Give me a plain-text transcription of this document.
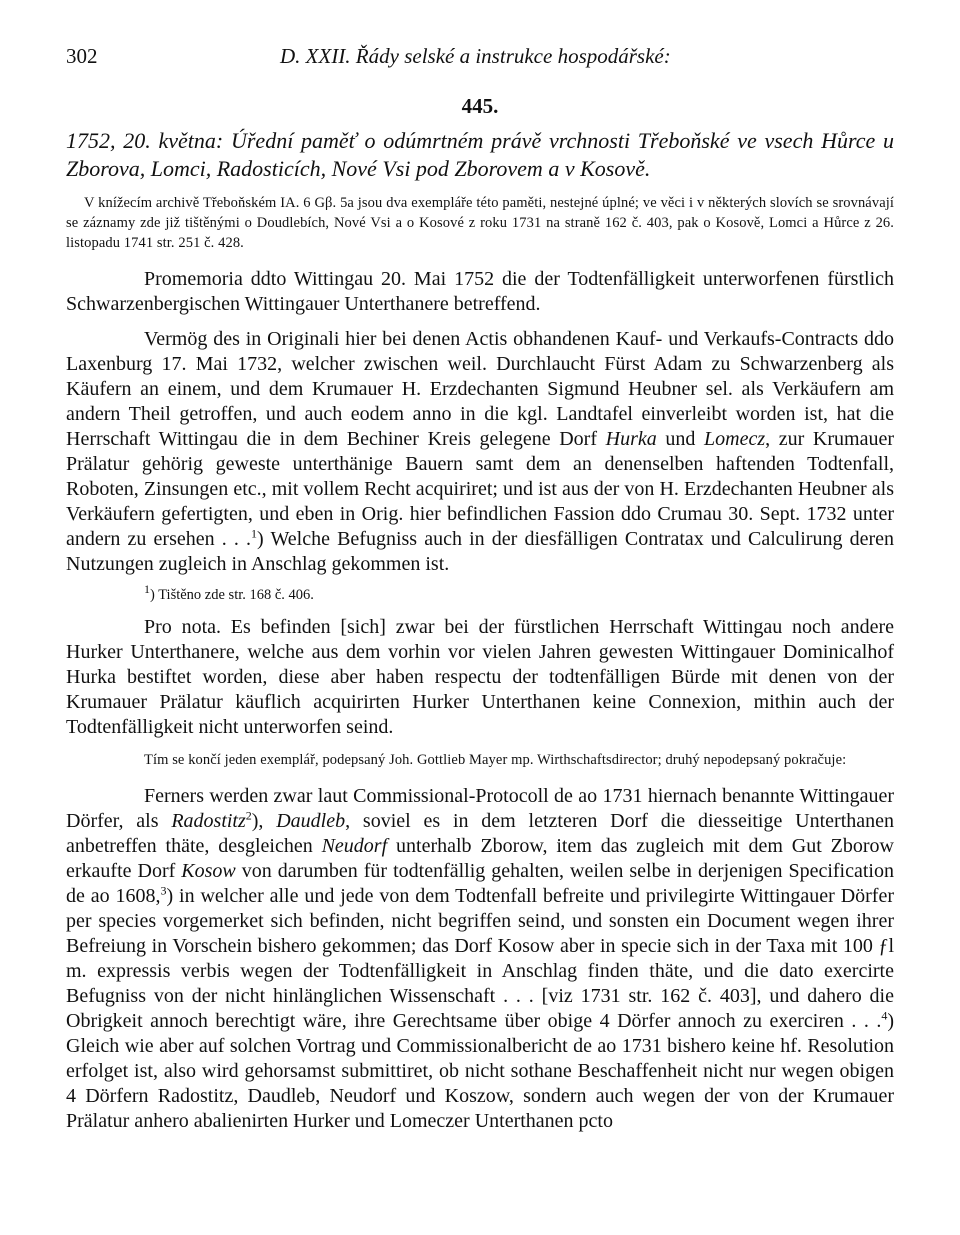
302	D. XXII. Řády selské a instrukce hospodářské:
445.

1752, 20. května: Úřední paměť o odúmrtném právě vrchnosti Třeboňské ve vsech Hůrce u Zborova, Lomci, Radosticích, Nové Vsi pod Zborovem a v Kosově.

V knížecím archivě Třeboňském IA. 6 Gβ. 5a jsou dva exempláře této paměti, nestejné úplné; ve věci i v některých slovích se srovnávají se záznamy zde již tištěnými o Doudlebích, Nové Vsi a o Kosové z roku 1731 na straně 162 č. 403, pak o Kosově, Lomci a Hůrce z 26. listopadu 1741 str. 251 č. 428.

Promemoria ddto Wittingau 20. Mai 1752 die der Todtenfälligkeit unterworfenen fürstlich Schwarzenbergischen Wittingauer Unterthanere betreffend.

Vermög des in Originali hier bei denen Actis obhandenen Kauf- und Verkaufs-Contracts ddo Laxenburg 17. Mai 1732, welcher zwischen weil. Durchlaucht Fürst Adam zu Schwarzenberg als Käufern an einem, und dem Krumauer H. Erzdechanten Sigmund Heubner sel. als Verkäufern am andern Theil getroffen, und auch eodem anno in die kgl. Landtafel einverleibt worden ist, hat die Herrschaft Wittingau die in dem Bechiner Kreis gelegene Dorf Hurka und Lomecz, zur Krumauer Prälatur gehörig geweste unterthänige Bauern samt dem an denenselben haftenden Todtenfall, Roboten, Zinsungen etc., mit vollem Recht acquiriret; und ist aus der von H. Erzdechanten Heubner als Verkäufern gefertigten, und eben in Orig. hier befindlichen Fassion ddo Crumau 30. Sept. 1732 unter andern zu ersehen . . .$^1$) Welche Befugniss auch in der diesfälligen Contratax und Calculirung deren Nutzungen zugleich in Anschlag gekommen ist.

$^1$) Tištěno zde str. 168 č. 406.

Pro nota. Es befinden [sich] zwar bei der fürstlichen Herrschaft Wittingau noch andere Hurker Unterthanere, welche aus dem vorhin vor vielen Jahren gewesten Wittingauer Dominicalhof Hurka bestiftet worden, diese aber haben respectu der todtenfälligen Bürde mit denen von der Krumauer Prälatur käuflich acquirirten Hurker Unterthanen keine Connexion, mithin auch der Todtenfälligkeit nicht unterworfen seind.

Tím se končí jeden exemplář, podepsaný Joh. Gottlieb Mayer mp. Wirthschaftsdirector; druhý nepodepsaný pokračuje:

Ferners werden zwar laut Commissional-Protocoll de ao 1731 hiernach benannte Wittingauer Dörfer, als Radostitz$^2$), Daudleb, soviel es in dem letzteren Dorf die diesseitige Unterthanen anbetreffen thäte, desgleichen Neudorf unterhalb Zborow, item das zugleich mit dem Gut Zborow erkaufte Dorf Kosow von darumben für todtenfällig gehalten, weilen selbe in derjenigen Specification de ao 1608,$^3$) in welcher alle und jede von dem Todtenfall befreite und privilegirte Wittingauer Dörfer per species vorgemerket sich befinden, nicht begriffen seind, und sonsten ein Document wegen ihrer Befreiung in Vorschein bishero gekommen; das Dorf Kosow aber in specie sich in der Taxa mit 100 ƒl m. expressis verbis wegen der Todtenfälligkeit in Anschlag finden thäte, und die dato exercirte Befugniss von der nicht hinlänglichen Wissenschaft . . . [viz 1731 str. 162 č. 403], und dahero die Obrigkeit annoch berechtigt wäre, ihre Gerechtsame über obige 4 Dörfer annoch zu exerciren . . .$^4$) Gleich wie aber auf solchen Vortrag und Commissionalbericht de ao 1731 bishero keine hf. Resolution erfolget ist, also wird gehorsamst submittiret, ob nicht sothane Beschaffenheit nicht nur wegen obigen 4 Dörfern Radostitz, Daudleb, Neudorf und Koszow, sondern auch wegen der von der Krumauer Prälatur anhero abalienirten Hurker und Lomeczer Unterthanen pcto
